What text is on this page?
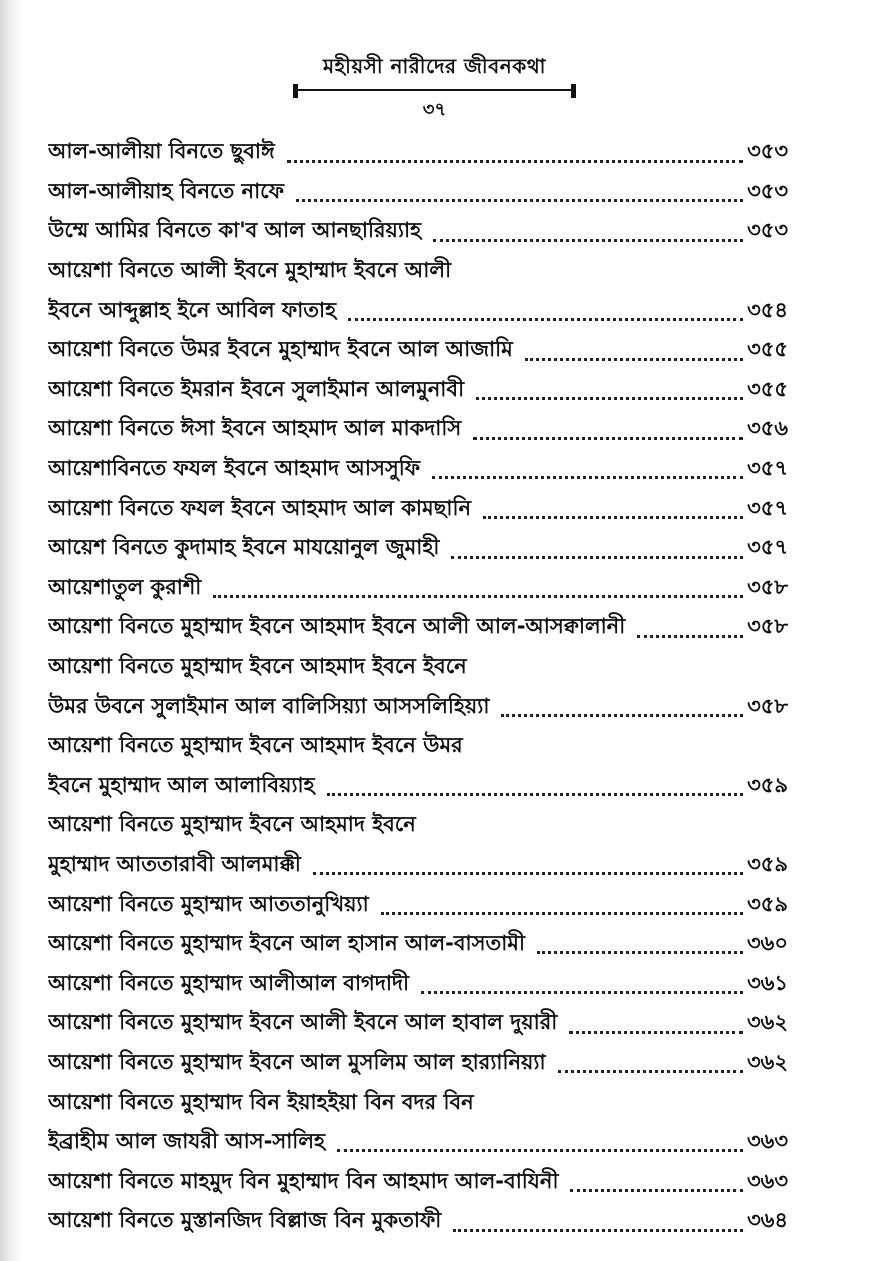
মহীয়সী নারীদের জীবনকথা
৩৭
আল-আলীয়া বিনতে ছুবাঈ	৩৫৩
আল-আলীয়াহ বিনতে নাফে	৩৫৩
উম্মে আমির বিনতে কা'ব আল আনছারিয়্যাহ	৩৫৩
আয়েশা বিনতে আলী ইবনে মুহাম্মাদ ইবনে আলী
ইবনে আব্দুল্লাহ ইনে আবিল ফাতাহ	৩৫৪
আয়েশা বিনতে উমর ইবনে মুহাম্মাদ ইবনে আল আজামি	৩৫৫
আয়েশা বিনতে ইমরান ইবনে সুলাইমান আলমুনাবী	৩৫৫
আয়েশা বিনতে ঈসা ইবনে আহমাদ আল মাকদাসি	৩৫৬
আয়েশাবিনতে ফযল ইবনে আহমাদ আসসুফি	৩৫৭
আয়েশা বিনতে ফযল ইবনে আহমাদ আল কামছানি	৩৫৭
আয়েশ বিনতে কুদামাহ ইবনে মাযয়োনুল জুমাহী	৩৫৭
আয়েশাতুল কুরাশী	৩৫৮
আয়েশা বিনতে মুহাম্মাদ ইবনে আহমাদ ইবনে আলী আল-আসক্বালানী	৩৫৮
আয়েশা বিনতে মুহাম্মাদ ইবনে আহমাদ ইবনে ইবনে
উমর উবনে সুলাইমান আল বালিসিয়্যা আসসলিহিয়্যা	৩৫৮
আয়েশা বিনতে মুহাম্মাদ ইবনে আহমাদ ইবনে উমর
ইবনে মুহাম্মাদ আল আলাবিয়্যাহ	৩৫৯
আয়েশা বিনতে মুহাম্মাদ ইবনে আহমাদ ইবনে
মুহাম্মাদ আততারাবী আলমাক্কী	৩৫৯
আয়েশা বিনতে মুহাম্মাদ আততানুখিয়্যা	৩৫৯
আয়েশা বিনতে মুহাম্মাদ ইবনে আল হাসান আল-বাসতামী	৩৬০
আয়েশা বিনতে মুহাম্মাদ আলীআল বাগদাদী	৩৬১
আয়েশা বিনতে মুহাম্মাদ ইবনে আলী ইবনে আল হাবাল দুয়ারী	৩৬২
আয়েশা বিনতে মুহাম্মাদ ইবনে আল মুসলিম আল হার‍্যানিয়্যা	৩৬২
আয়েশা বিনতে মুহাম্মাদ বিন ইয়াহইয়া বিন বদর বিন
ইব্রাহীম আল জাযরী আস-সালিহ	৩৬৩
আয়েশা বিনতে মাহমুদ বিন মুহাম্মাদ বিন আহমাদ আল-বাযিনী	৩৬৩
আয়েশা বিনতে মুস্তানজিদ বিল্লাজ বিন মুকতাফী	৩৬৪
